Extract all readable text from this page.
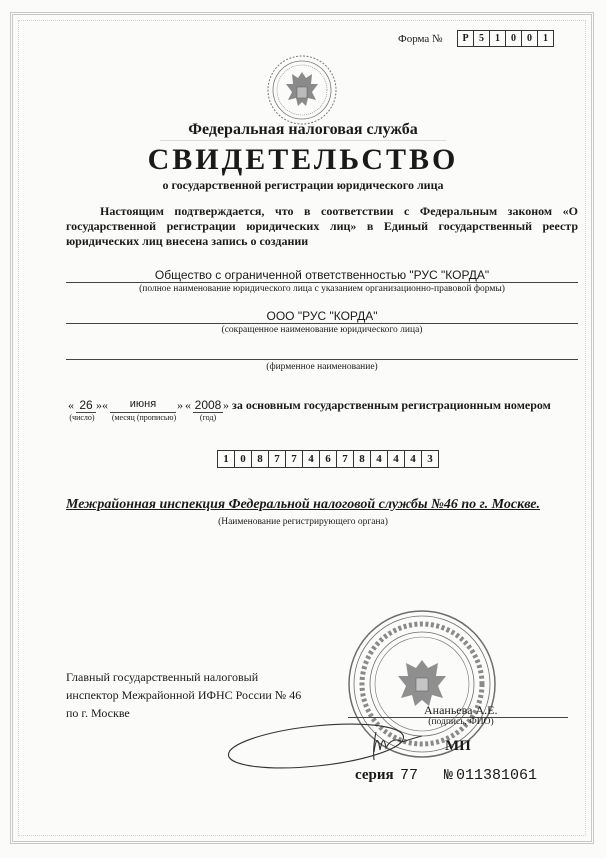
Форма №	Р	5	1	0	0	1
Федеральная налоговая служба
СВИДЕТЕЛЬСТВО
о государственной регистрации юридического лица
Настоящим подтверждается, что в соответствии с Федеральным законом «О государственной регистрации юридических лиц» в Единый государственный реестр юридических лиц внесена запись о создании
Общество с ограниченной ответственностью "РУС "КОРДА"
(полное наименование юридического лица с указанием организационно-правовой формы)
ООО "РУС "КОРДА"
(сокращенное наименование юридического лица)
(фирменное наименование)
« 26 » «	июня	» « 2008 » за основным государственным регистрационным номером
(число)	(месяц (прописью)	(год)
1	0	8	7	7	4	6	7	8	4	4	4	3
Межрайонная инспекция Федеральной налоговой службы №46 по г. Москве.
(Наименование регистрирующего органа)
Главный государственный налоговый
инспектор Межрайонной ИФНС России № 46
по г. Москве	Ананьева А.Е.
(подпись, ФИО)
МП
серия 77 № 011381061
